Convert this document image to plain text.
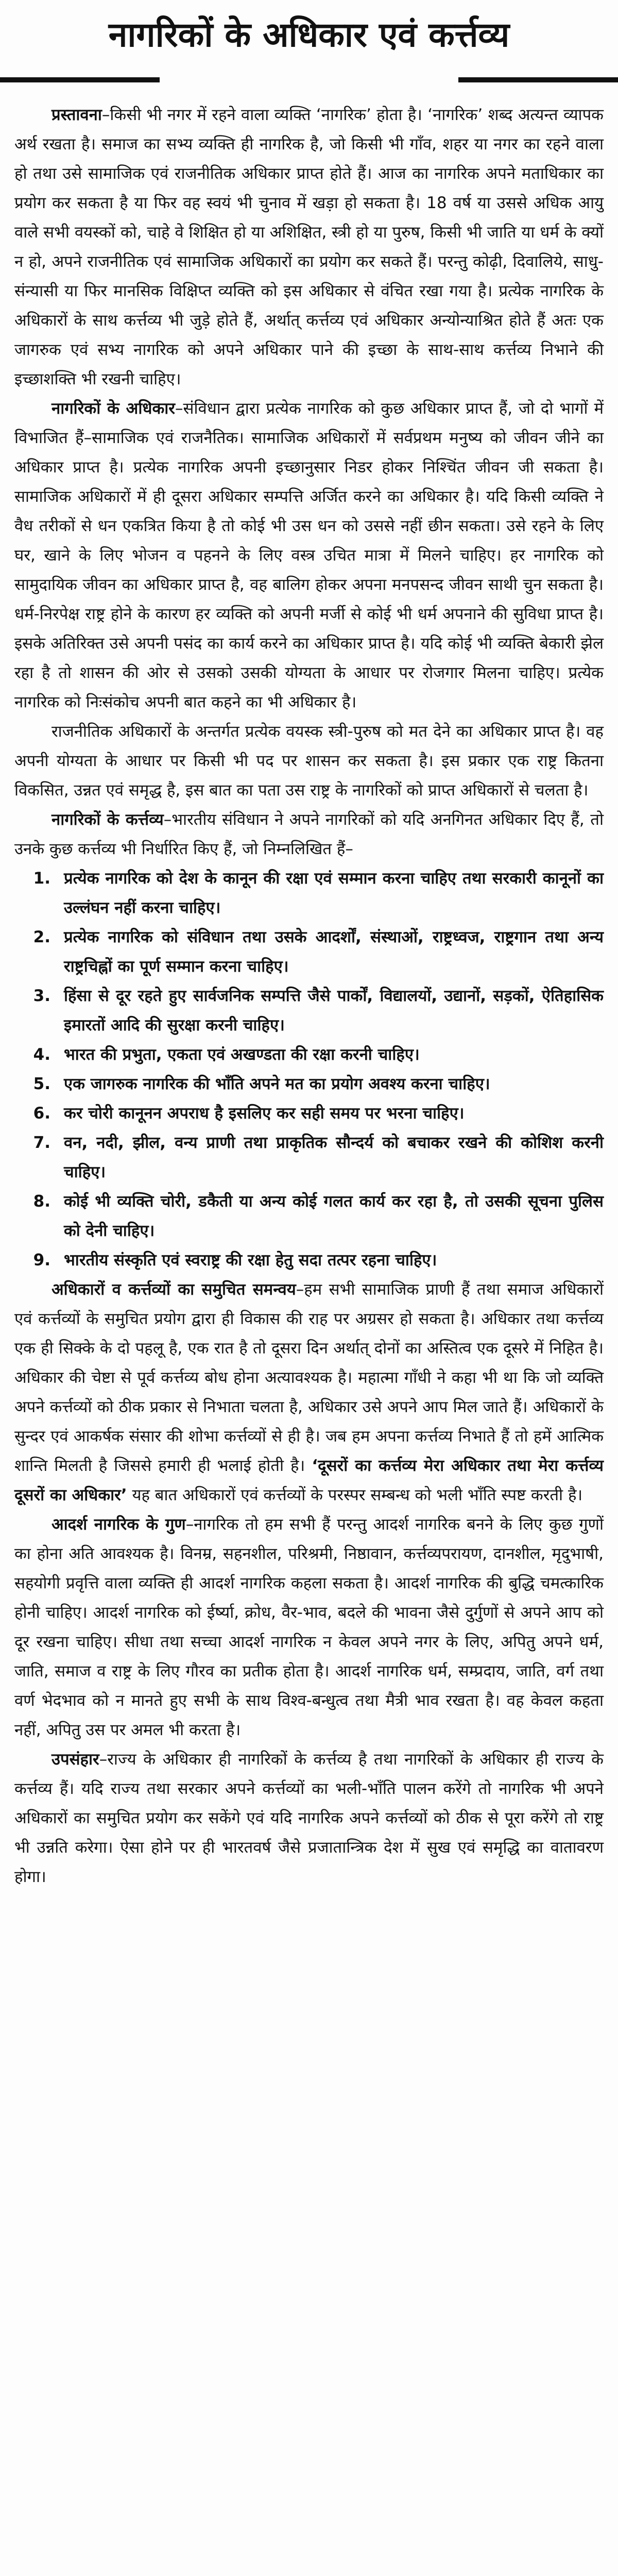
नागरिकों के अधिकार एवं कर्त्तव्य

प्रस्तावना–किसी भी नगर में रहने वाला व्यक्ति ‘नागरिक’ होता है। ‘नागरिक’ शब्द अत्यन्त व्यापक अर्थ रखता है। समाज का सभ्य व्यक्ति ही नागरिक है, जो किसी भी गाँव, शहर या नगर का रहने वाला हो तथा उसे सामाजिक एवं राजनीतिक अधिकार प्राप्त होते हैं। आज का नागरिक अपने मताधिकार का प्रयोग कर सकता है या फिर वह स्वयं भी चुनाव में खड़ा हो सकता है। 18 वर्ष या उससे अधिक आयु वाले सभी वयस्कों को, चाहे वे शिक्षित हो या अशिक्षित, स्त्री हो या पुरुष, किसी भी जाति या धर्म के क्यों न हो, अपने राजनीतिक एवं सामाजिक अधिकारों का प्रयोग कर सकते हैं। परन्तु कोढ़ी, दिवालिये, साधु-संन्यासी या फिर मानसिक विक्षिप्त व्यक्ति को इस अधिकार से वंचित रखा गया है। प्रत्येक नागरिक के अधिकारों के साथ कर्त्तव्य भी जुड़े होते हैं, अर्थात् कर्त्तव्य एवं अधिकार अन्योन्याश्रित होते हैं अतः एक जागरुक एवं सभ्य नागरिक को अपने अधिकार पाने की इच्छा के साथ-साथ कर्त्तव्य निभाने की इच्छाशक्ति भी रखनी चाहिए।

नागरिकों के अधिकार–संविधान द्वारा प्रत्येक नागरिक को कुछ अधिकार प्राप्त हैं, जो दो भागों में विभाजित हैं–सामाजिक एवं राजनैतिक। सामाजिक अधिकारों में सर्वप्रथम मनुष्य को जीवन जीने का अधिकार प्राप्त है। प्रत्येक नागरिक अपनी इच्छानुसार निडर होकर निश्चिंत जीवन जी सकता है। सामाजिक अधिकारों में ही दूसरा अधिकार सम्पत्ति अर्जित करने का अधिकार है। यदि किसी व्यक्ति ने वैध तरीकों से धन एकत्रित किया है तो कोई भी उस धन को उससे नहीं छीन सकता। उसे रहने के लिए घर, खाने के लिए भोजन व पहनने के लिए वस्त्र उचित मात्रा में मिलने चाहिए। हर नागरिक को सामुदायिक जीवन का अधिकार प्राप्त है, वह बालिग होकर अपना मनपसन्द जीवन साथी चुन सकता है। धर्म-निरपेक्ष राष्ट्र होने के कारण हर व्यक्ति को अपनी मर्जी से कोई भी धर्म अपनाने की सुविधा प्राप्त है। इसके अतिरिक्त उसे अपनी पसंद का कार्य करने का अधिकार प्राप्त है। यदि कोई भी व्यक्ति बेकारी झेल रहा है तो शासन की ओर से उसको उसकी योग्यता के आधार पर रोजगार मिलना चाहिए। प्रत्येक नागरिक को निःसंकोच अपनी बात कहने का भी अधिकार है।

राजनीतिक अधिकारों के अन्तर्गत प्रत्येक वयस्क स्त्री-पुरुष को मत देने का अधिकार प्राप्त है। वह अपनी योग्यता के आधार पर किसी भी पद पर शासन कर सकता है। इस प्रकार एक राष्ट्र कितना विकसित, उन्नत एवं समृद्ध है, इस बात का पता उस राष्ट्र के नागरिकों को प्राप्त अधिकारों से चलता है।

नागरिकों के कर्त्तव्य–भारतीय संविधान ने अपने नागरिकों को यदि अनगिनत अधिकार दिए हैं, तो उनके कुछ कर्त्तव्य भी निर्धारित किए हैं, जो निम्नलिखित हैं–

1. प्रत्येक नागरिक को देश के कानून की रक्षा एवं सम्मान करना चाहिए तथा सरकारी कानूनों का उल्लंघन नहीं करना चाहिए।
2. प्रत्येक नागरिक को संविधान तथा उसके आदर्शों, संस्थाओं, राष्ट्रध्वज, राष्ट्रगान तथा अन्य राष्ट्रचिह्नों का पूर्ण सम्मान करना चाहिए।
3. हिंसा से दूर रहते हुए सार्वजनिक सम्पत्ति जैसे पार्कों, विद्यालयों, उद्यानों, सड़कों, ऐतिहासिक इमारतों आदि की सुरक्षा करनी चाहिए।
4. भारत की प्रभुता, एकता एवं अखण्डता की रक्षा करनी चाहिए।
5. एक जागरुक नागरिक की भाँति अपने मत का प्रयोग अवश्य करना चाहिए।
6. कर चोरी कानूनन अपराध है इसलिए कर सही समय पर भरना चाहिए।
7. वन, नदी, झील, वन्य प्राणी तथा प्राकृतिक सौन्दर्य को बचाकर रखने की कोशिश करनी चाहिए।
8. कोई भी व्यक्ति चोरी, डकैती या अन्य कोई गलत कार्य कर रहा है, तो उसकी सूचना पुलिस को देनी चाहिए।
9. भारतीय संस्कृति एवं स्वराष्ट्र की रक्षा हेतु सदा तत्पर रहना चाहिए।

अधिकारों व कर्त्तव्यों का समुचित समन्वय–हम सभी सामाजिक प्राणी हैं तथा समाज अधिकारों एवं कर्त्तव्यों के समुचित प्रयोग द्वारा ही विकास की राह पर अग्रसर हो सकता है। अधिकार तथा कर्त्तव्य एक ही सिक्के के दो पहलू है, एक रात है तो दूसरा दिन अर्थात् दोनों का अस्तित्व एक दूसरे में निहित है। अधिकार की चेष्टा से पूर्व कर्त्तव्य बोध होना अत्यावश्यक है। महात्मा गाँधी ने कहा भी था कि जो व्यक्ति अपने कर्त्तव्यों को ठीक प्रकार से निभाता चलता है, अधिकार उसे अपने आप मिल जाते हैं। अधिकारों के सुन्दर एवं आकर्षक संसार की शोभा कर्त्तव्यों से ही है। जब हम अपना कर्त्तव्य निभाते हैं तो हमें आत्मिक शान्ति मिलती है जिससे हमारी ही भलाई होती है। ‘दूसरों का कर्त्तव्य मेरा अधिकार तथा मेरा कर्त्तव्य दूसरों का अधिकार’ यह बात अधिकारों एवं कर्त्तव्यों के परस्पर सम्बन्ध को भली भाँति स्पष्ट करती है।

आदर्श नागरिक के गुण–नागरिक तो हम सभी हैं परन्तु आदर्श नागरिक बनने के लिए कुछ गुणों का होना अति आवश्यक है। विनम्र, सहनशील, परिश्रमी, निष्ठावान, कर्त्तव्यपरायण, दानशील, मृदुभाषी, सहयोगी प्रवृत्ति वाला व्यक्ति ही आदर्श नागरिक कहला सकता है। आदर्श नागरिक की बुद्धि चमत्कारिक होनी चाहिए। आदर्श नागरिक को ईर्ष्या, क्रोध, वैर-भाव, बदले की भावना जैसे दुर्गुणों से अपने आप को दूर रखना चाहिए। सीधा तथा सच्चा आदर्श नागरिक न केवल अपने नगर के लिए, अपितु अपने धर्म, जाति, समाज व राष्ट्र के लिए गौरव का प्रतीक होता है। आदर्श नागरिक धर्म, सम्प्रदाय, जाति, वर्ग तथा वर्ण भेदभाव को न मानते हुए सभी के साथ विश्व-बन्धुत्व तथा मैत्री भाव रखता है। वह केवल कहता नहीं, अपितु उस पर अमल भी करता है।

उपसंहार–राज्य के अधिकार ही नागरिकों के कर्त्तव्य है तथा नागरिकों के अधिकार ही राज्य के कर्त्तव्य हैं। यदि राज्य तथा सरकार अपने कर्त्तव्यों का भली-भाँति पालन करेंगे तो नागरिक भी अपने अधिकारों का समुचित प्रयोग कर सकेंगे एवं यदि नागरिक अपने कर्त्तव्यों को ठीक से पूरा करेंगे तो राष्ट्र भी उन्नति करेगा। ऐसा होने पर ही भारतवर्ष जैसे प्रजातान्त्रिक देश में सुख एवं समृद्धि का वातावरण होगा।
